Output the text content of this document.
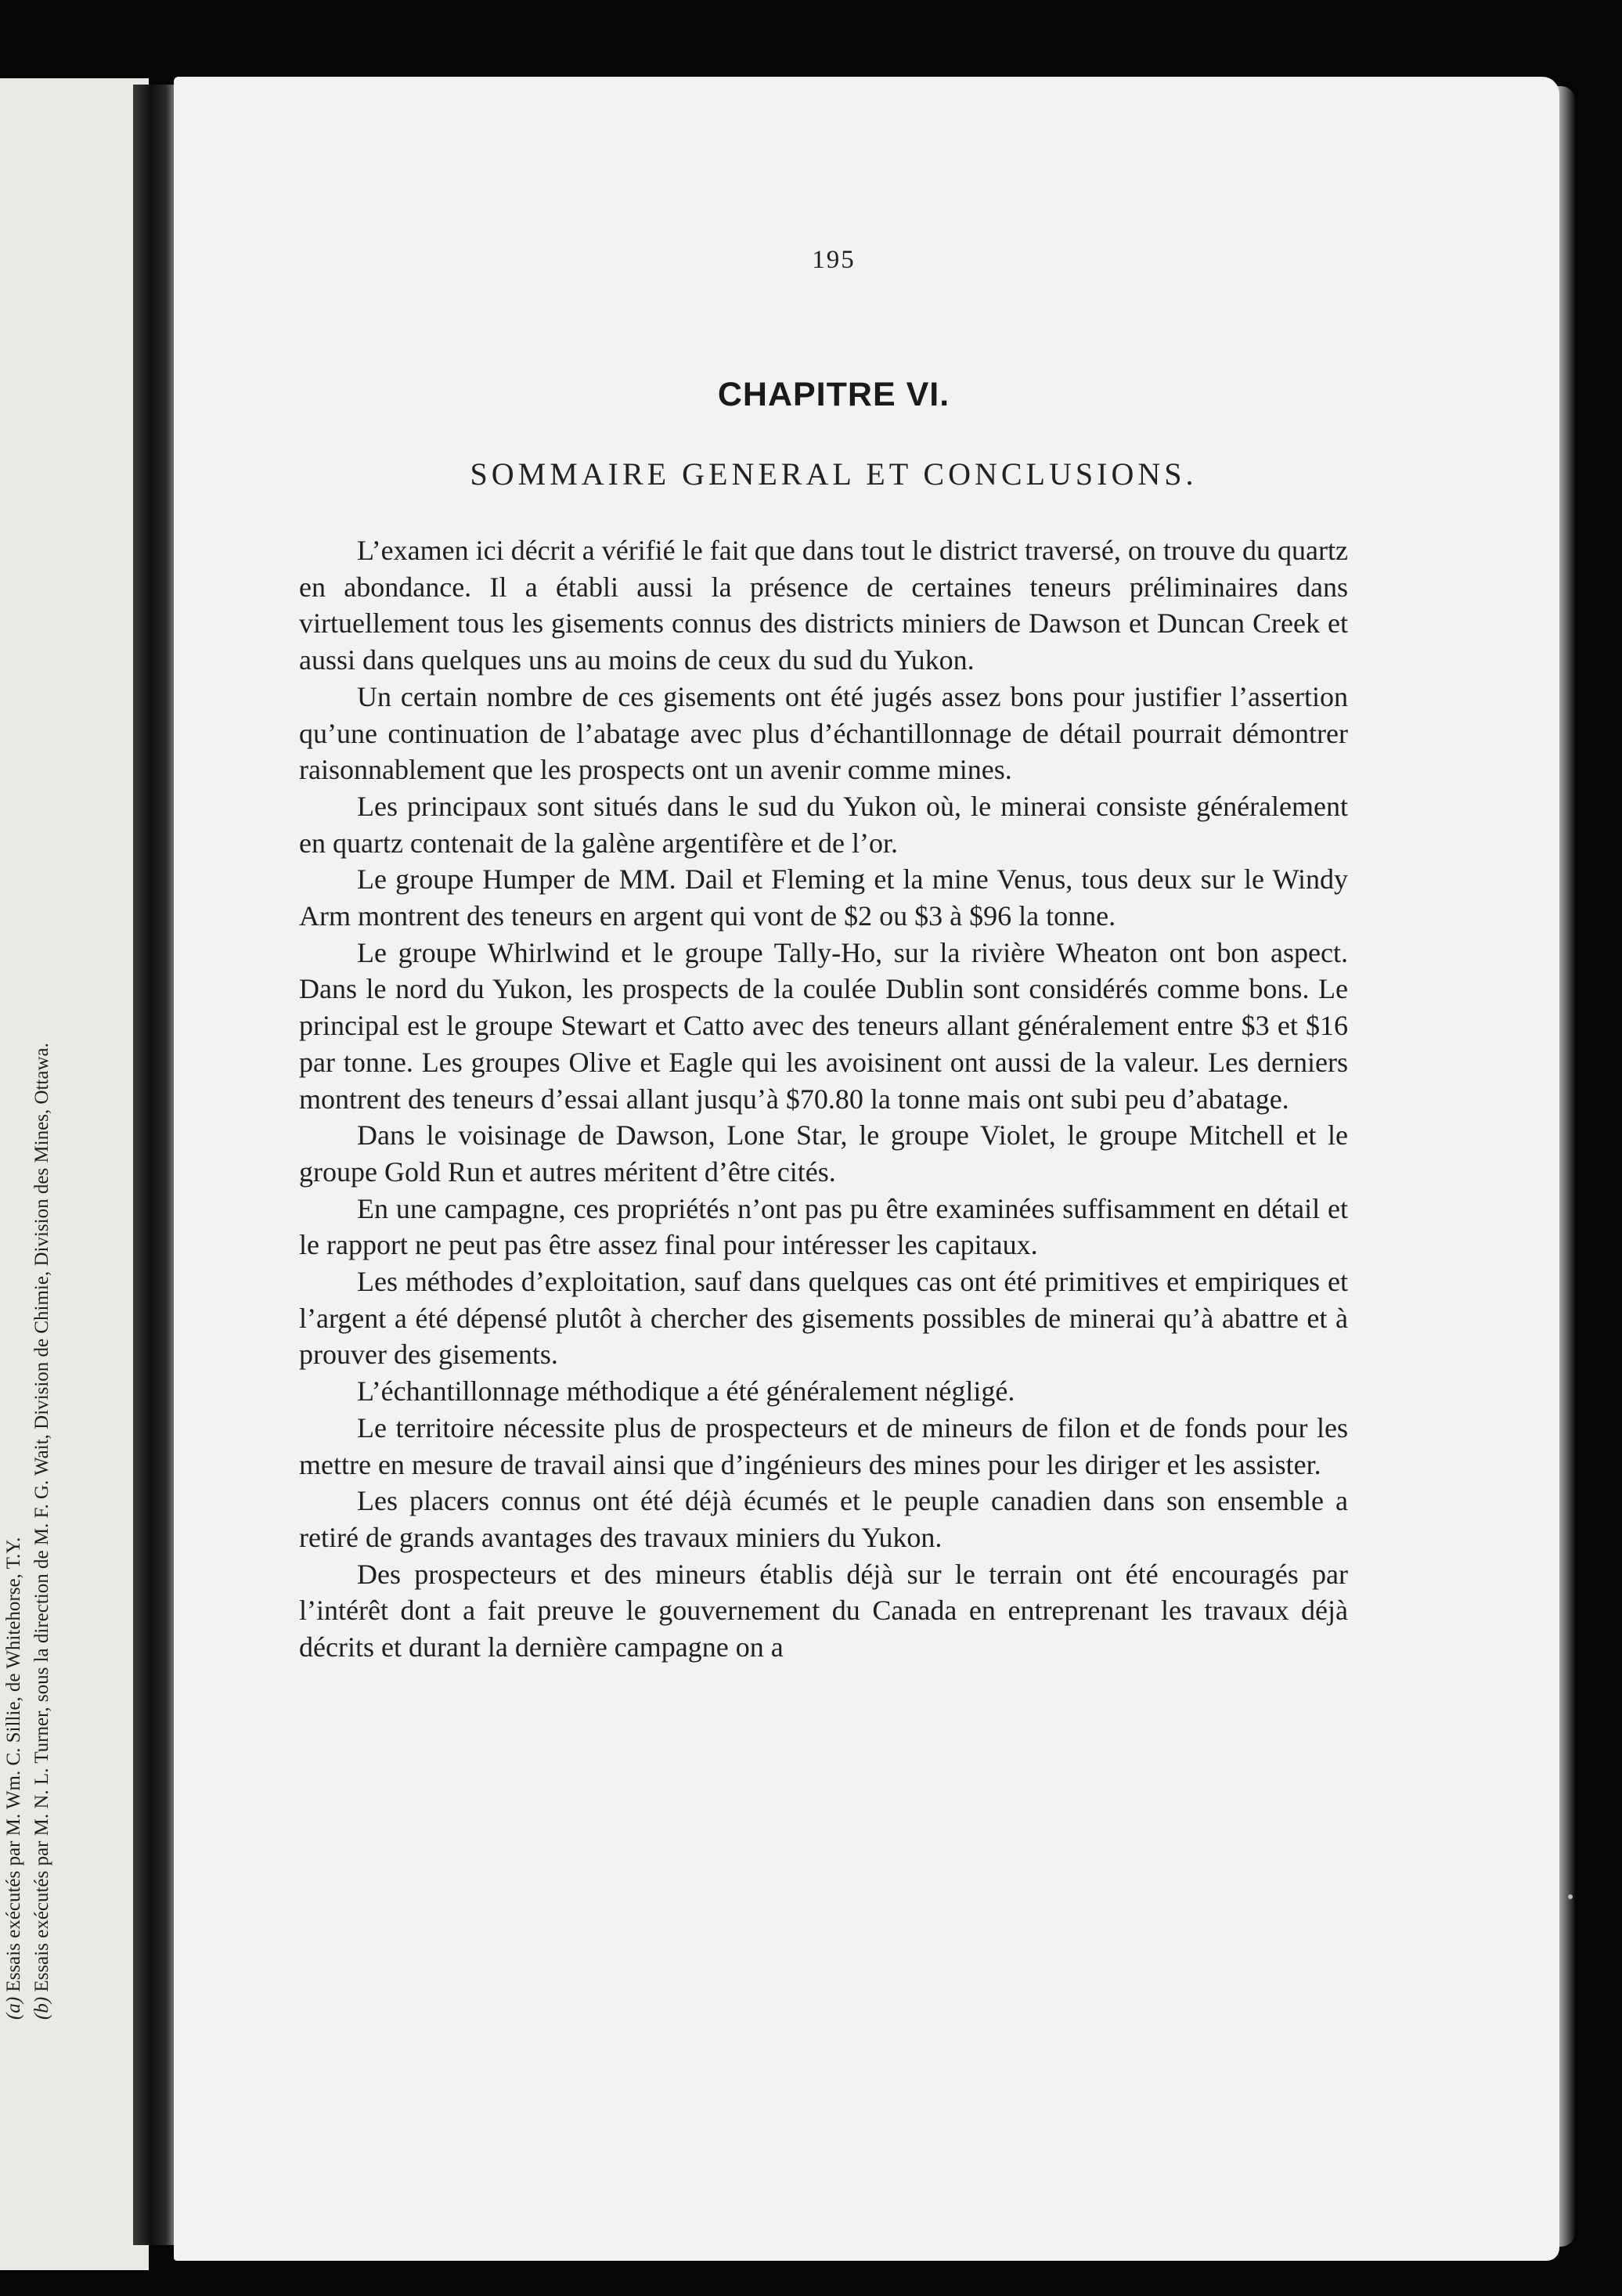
(a) Essais exécutés par M. Wm. C. Sillie, de Whitehorse, T.Y.
(b) Essais exécutés par M. N. L. Turner, sous la direction de M. F. G. Wait, Division de Chimie, Division des Mines, Ottawa.
195
CHAPITRE VI.
SOMMAIRE GENERAL ET CONCLUSIONS.

L’examen ici décrit a vérifié le fait que dans tout le district traversé, on trouve du quartz en abondance. Il a établi aussi la présence de certaines teneurs préliminaires dans virtuellement tous les gisements connus des districts miniers de Dawson et Duncan Creek et aussi dans quelques uns au moins de ceux du sud du Yukon.

Un certain nombre de ces gisements ont été jugés assez bons pour justifier l’assertion qu’une continuation de l’abatage avec plus d’échantillonnage de détail pourrait démontrer raisonnablement que les prospects ont un avenir comme mines.

Les principaux sont situés dans le sud du Yukon où, le minerai consiste généralement en quartz contenait de la galène argentifère et de l’or.

Le groupe Humper de MM. Dail et Fleming et la mine Venus, tous deux sur le Windy Arm montrent des teneurs en argent qui vont de $2 ou $3 à $96 la tonne.

Le groupe Whirlwind et le groupe Tally-Ho, sur la rivière Wheaton ont bon aspect. Dans le nord du Yukon, les prospects de la coulée Dublin sont considérés comme bons. Le principal est le groupe Stewart et Catto avec des teneurs allant généralement entre $3 et $16 par tonne. Les groupes Olive et Eagle qui les avoisinent ont aussi de la valeur. Les derniers montrent des teneurs d’essai allant jusqu’à $70.80 la tonne mais ont subi peu d’abatage.

Dans le voisinage de Dawson, Lone Star, le groupe Violet, le groupe Mitchell et le groupe Gold Run et autres méritent d’être cités.

En une campagne, ces propriétés n’ont pas pu être examinées suffisamment en détail et le rapport ne peut pas être assez final pour intéresser les capitaux.

Les méthodes d’exploitation, sauf dans quelques cas ont été primitives et empiriques et l’argent a été dépensé plutôt à chercher des gisements possibles de minerai qu’à abattre et à prouver des gisements.

L’échantillonnage méthodique a été généralement négligé.

Le territoire nécessite plus de prospecteurs et de mineurs de filon et de fonds pour les mettre en mesure de travail ainsi que d’ingénieurs des mines pour les diriger et les assister.

Les placers connus ont été déjà écumés et le peuple canadien dans son ensemble a retiré de grands avantages des travaux miniers du Yukon.

Des prospecteurs et des mineurs établis déjà sur le terrain ont été encouragés par l’intérêt dont a fait preuve le gouvernement du Canada en entreprenant les travaux déjà décrits et durant la dernière campagne on a
